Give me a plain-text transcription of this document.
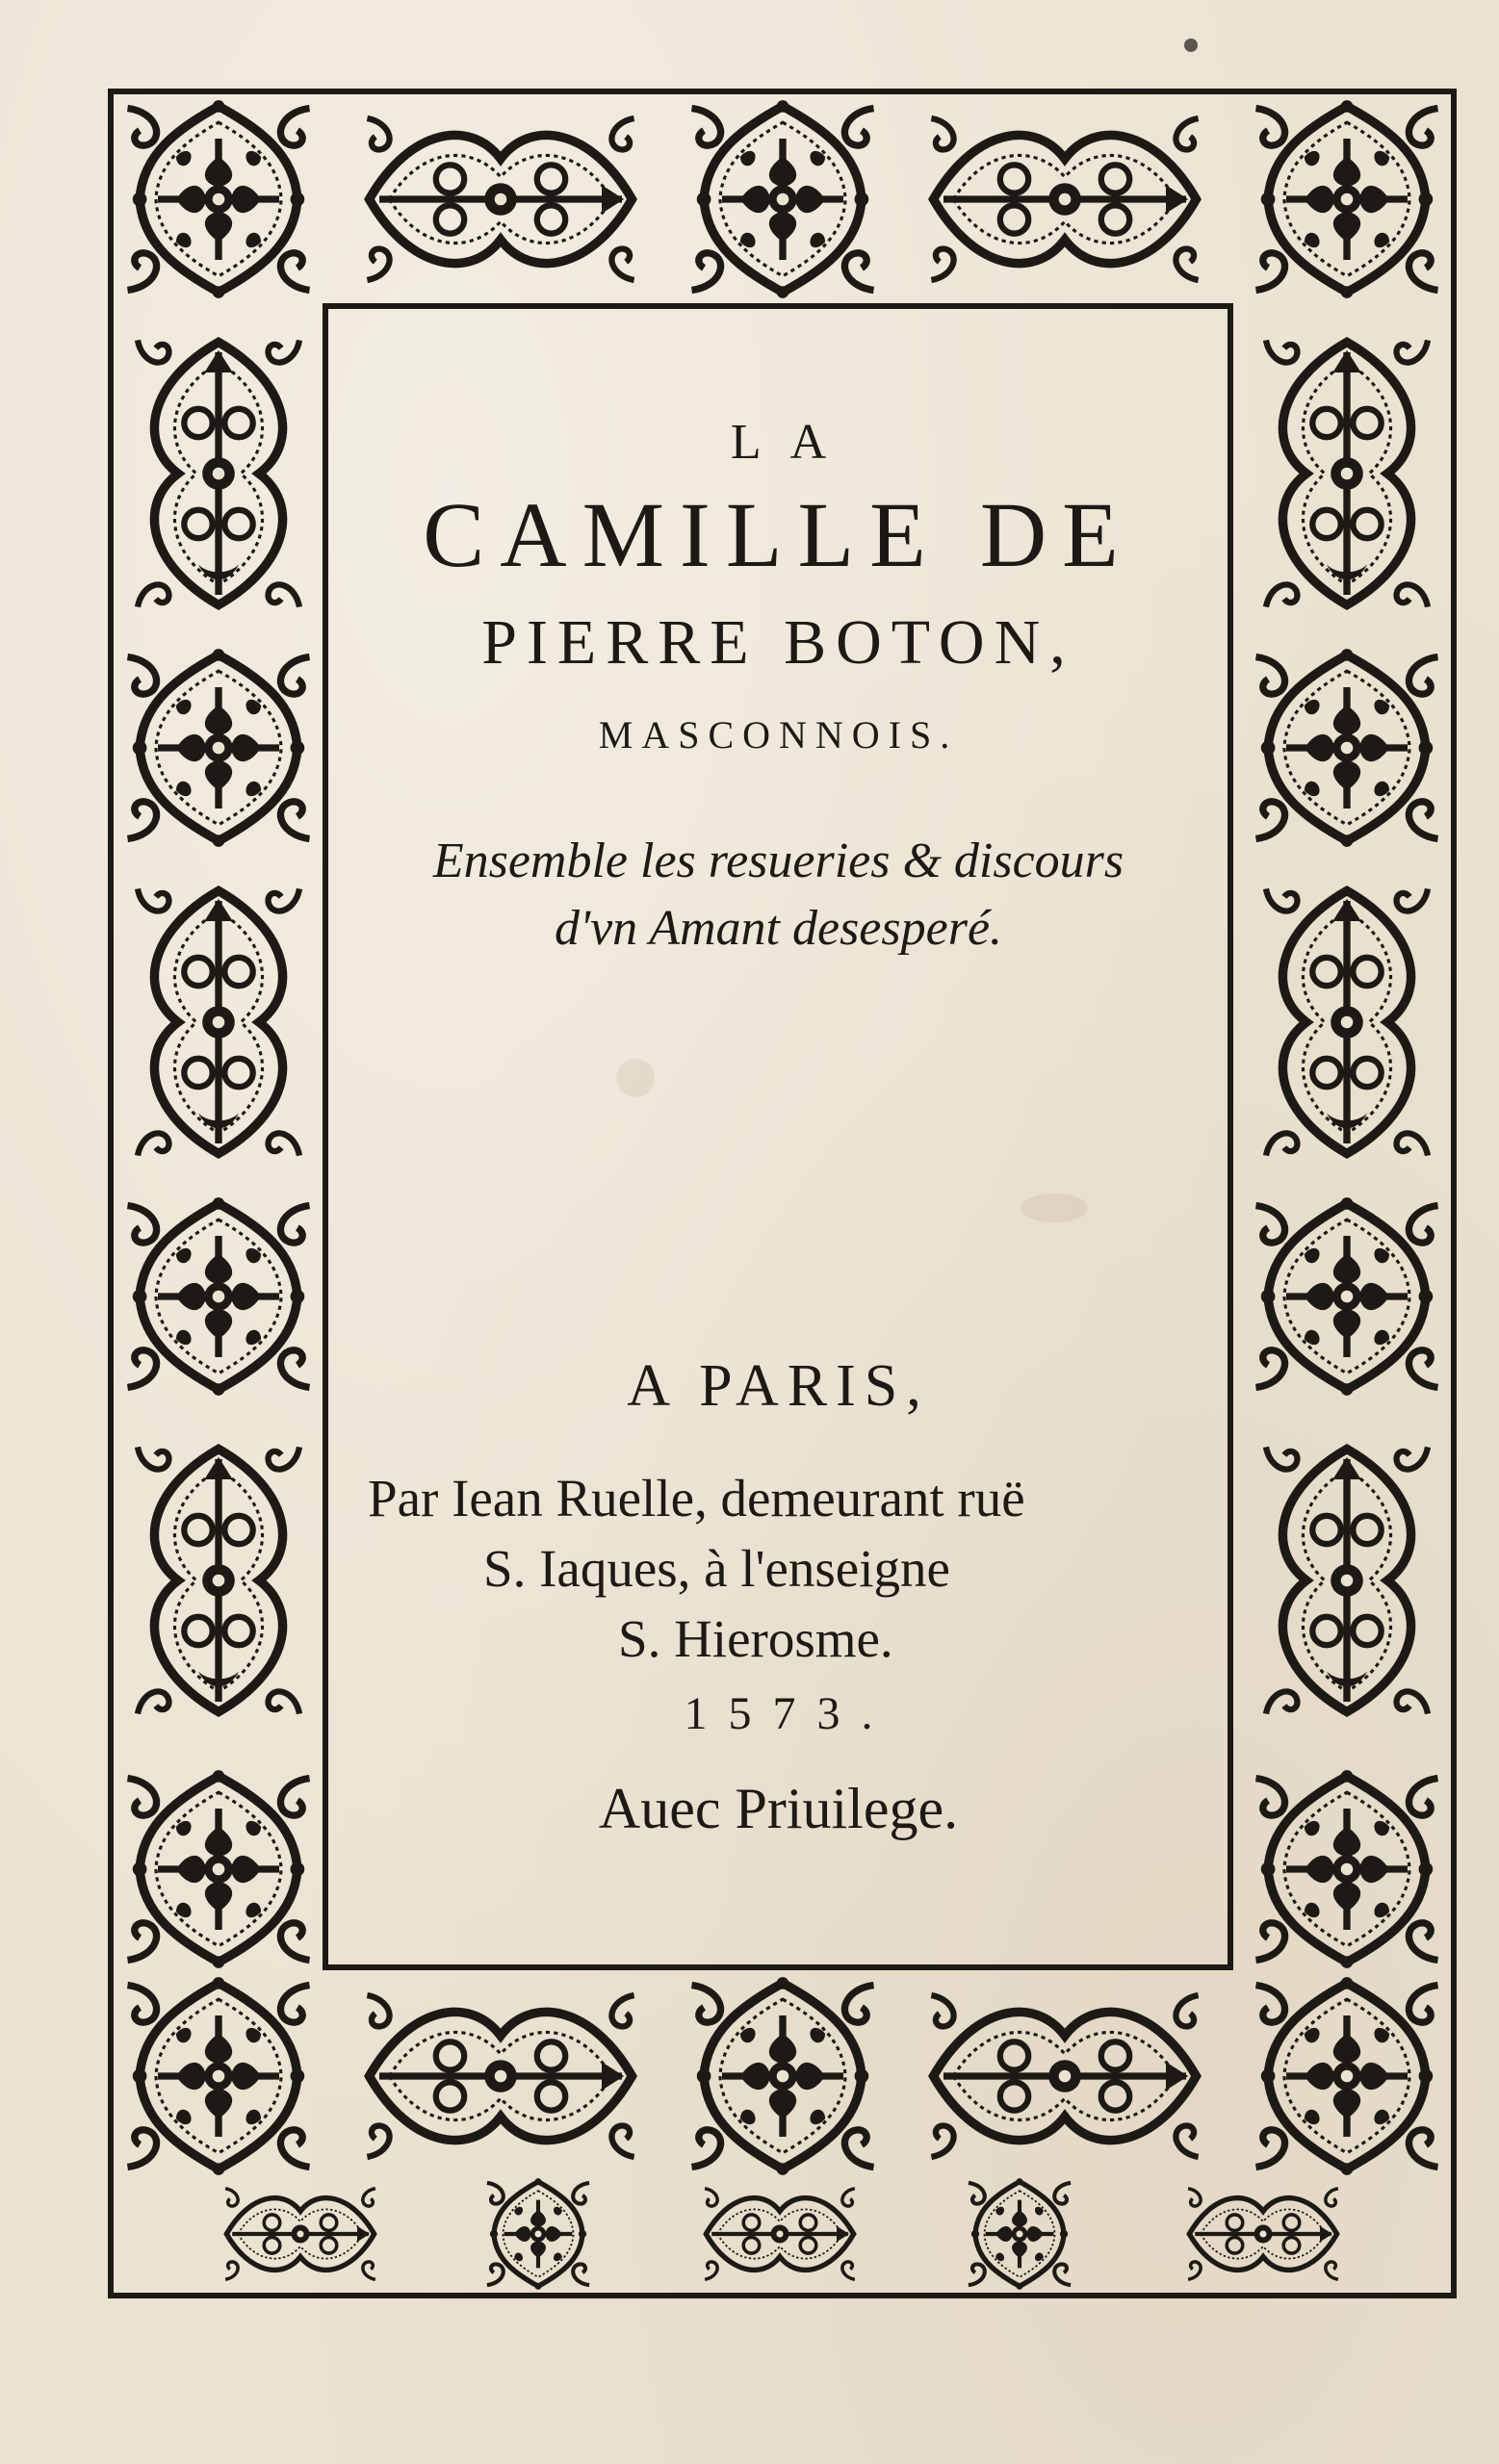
LA

CAMILLE DE

PIERRE BOTON,

MASCONNOIS.

Ensemble les resueries & discours

d'vn Amant desesperé.

A PARIS,

Par Iean Ruelle, demeurant ruë

S. Iaques, à l'enseigne

S. Hierosme.

1573.

Auec Priuilege.
